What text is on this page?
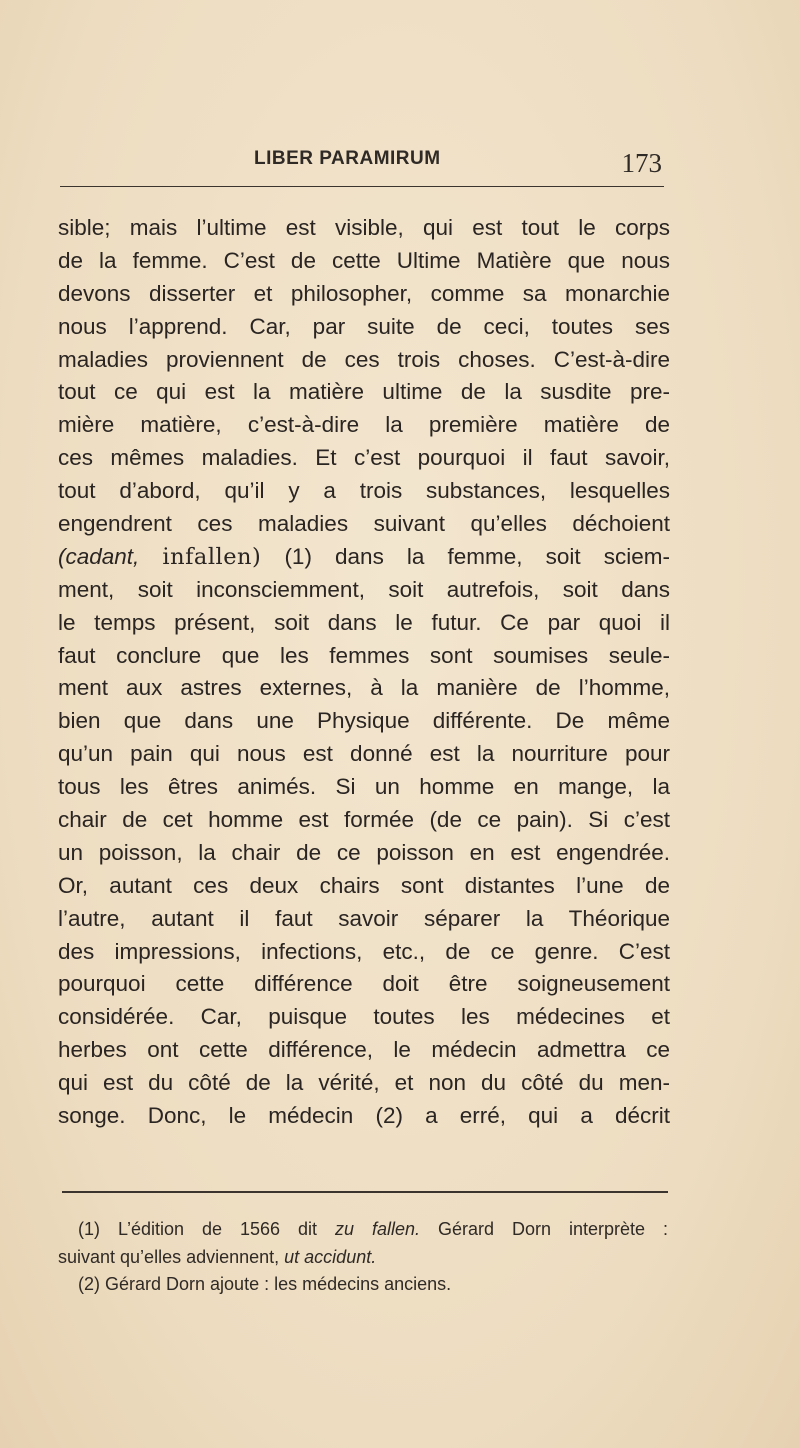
LIBER PARAMIRUM	173
sible; mais l’ultime est visible, qui est tout le corps
de la femme. C’est de cette Ultime Matière que nous
devons disserter et philosopher, comme sa monarchie
nous l’apprend. Car, par suite de ceci, toutes ses
maladies proviennent de ces trois choses. C’est-à-dire
tout ce qui est la matière ultime de la susdite pre-
mière matière, c’est-à-dire la première matière de
ces mêmes maladies. Et c’est pourquoi il faut savoir,
tout d’abord, qu’il y a trois substances, lesquelles
engendrent ces maladies suivant qu’elles déchoient
(cadant, infallen) (1) dans la femme, soit sciem-
ment, soit inconsciemment, soit autrefois, soit dans
le temps présent, soit dans le futur. Ce par quoi il
faut conclure que les femmes sont soumises seule-
ment aux astres externes, à la manière de l’homme,
bien que dans une Physique différente. De même
qu’un pain qui nous est donné est la nourriture pour
tous les êtres animés. Si un homme en mange, la
chair de cet homme est formée (de ce pain). Si c’est
un poisson, la chair de ce poisson en est engendrée.
Or, autant ces deux chairs sont distantes l’une de
l’autre, autant il faut savoir séparer la Théorique
des impressions, infections, etc., de ce genre. C’est
pourquoi cette différence doit être soigneusement
considérée. Car, puisque toutes les médecines et
herbes ont cette différence, le médecin admettra ce
qui est du côté de la vérité, et non du côté du men-
songe. Donc, le médecin (2) a erré, qui a décrit
(1) L’édition de 1566 dit zu fallen. Gérard Dorn interprète :
suivant qu’elles adviennent, ut accidunt.
(2) Gérard Dorn ajoute : les médecins anciens.
